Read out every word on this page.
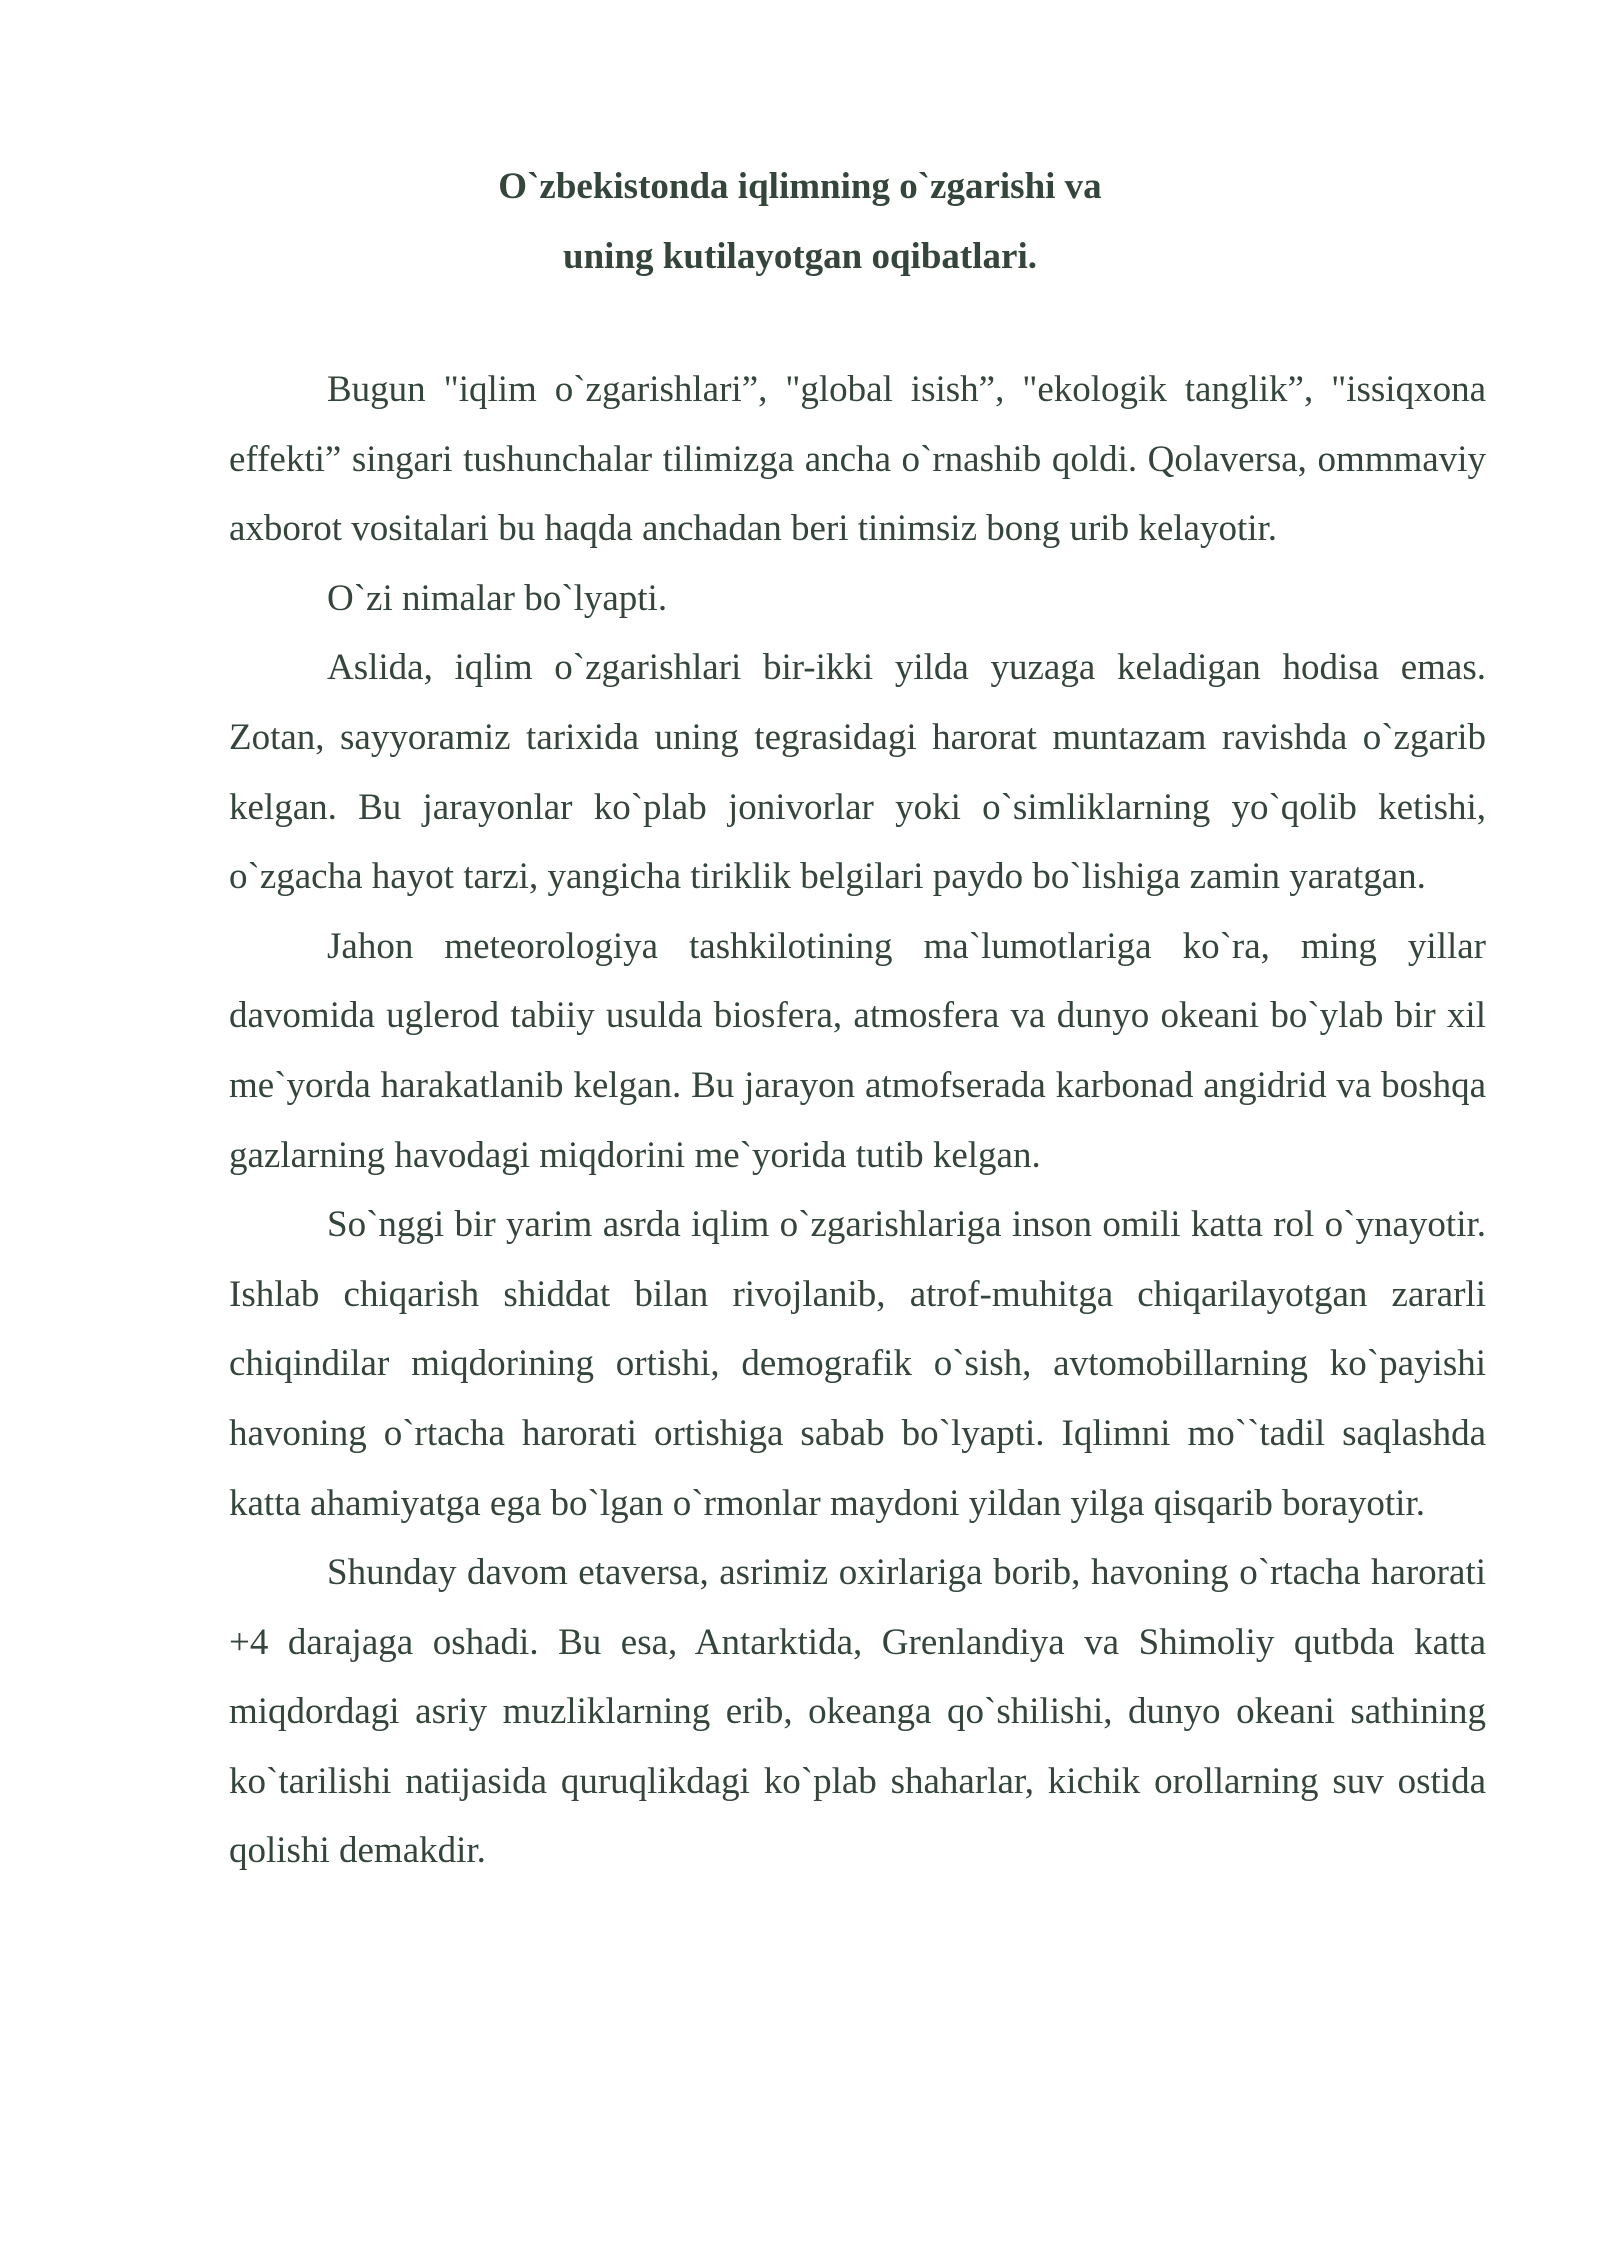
O`zbekistonda iqlimning o`zgarishi va
uning kutilayotgan oqibatlari.

Bugun "iqlim o`zgarishlari”, "global isish”, "ekologik tanglik”, "issiqxona effekti” singari tushunchalar tilimizga ancha o`rnashib qoldi. Qolaversa, ommmaviy axborot vositalari bu haqda anchadan beri tinimsiz bong urib kelayotir.

O`zi nimalar bo`lyapti.

Aslida, iqlim o`zgarishlari bir-ikki yilda yuzaga keladigan hodisa emas. Zotan, sayyoramiz tarixida uning tegrasidagi harorat muntazam ravishda o`zgarib kelgan. Bu jarayonlar ko`plab jonivorlar yoki o`simliklarning yo`qolib ketishi, o`zgacha hayot tarzi, yangicha tiriklik belgilari paydo bo`lishiga zamin yaratgan.

Jahon meteorologiya tashkilotining ma`lumotlariga ko`ra, ming yillar davomida uglerod tabiiy usulda biosfera, atmosfera va dunyo okeani bo`ylab bir xil me`yorda harakatlanib kelgan. Bu jarayon atmofserada karbonad angidrid va boshqa gazlarning havodagi miqdorini me`yorida tutib kelgan.

So`nggi bir yarim asrda iqlim o`zgarishlariga inson omili katta rol o`ynayotir. Ishlab chiqarish shiddat bilan rivojlanib, atrof-muhitga chiqarilayotgan zararli chiqindilar miqdorining ortishi, demografik o`sish, avtomobillarning ko`payishi havoning o`rtacha harorati ortishiga sabab bo`lyapti. Iqlimni mo``tadil saqlashda katta ahamiyatga ega bo`lgan o`rmonlar maydoni yildan yilga qisqarib borayotir.

Shunday davom etaversa, asrimiz oxirlariga borib, havoning o`rtacha harorati +4 darajaga oshadi. Bu esa, Antarktida, Grenlandiya va Shimoliy qutbda katta miqdordagi asriy muzliklarning erib, okeanga qo`shilishi, dunyo okeani sathining ko`tarilishi natijasida quruqlikdagi ko`plab shaharlar, kichik orollarning suv ostida qolishi demakdir.
